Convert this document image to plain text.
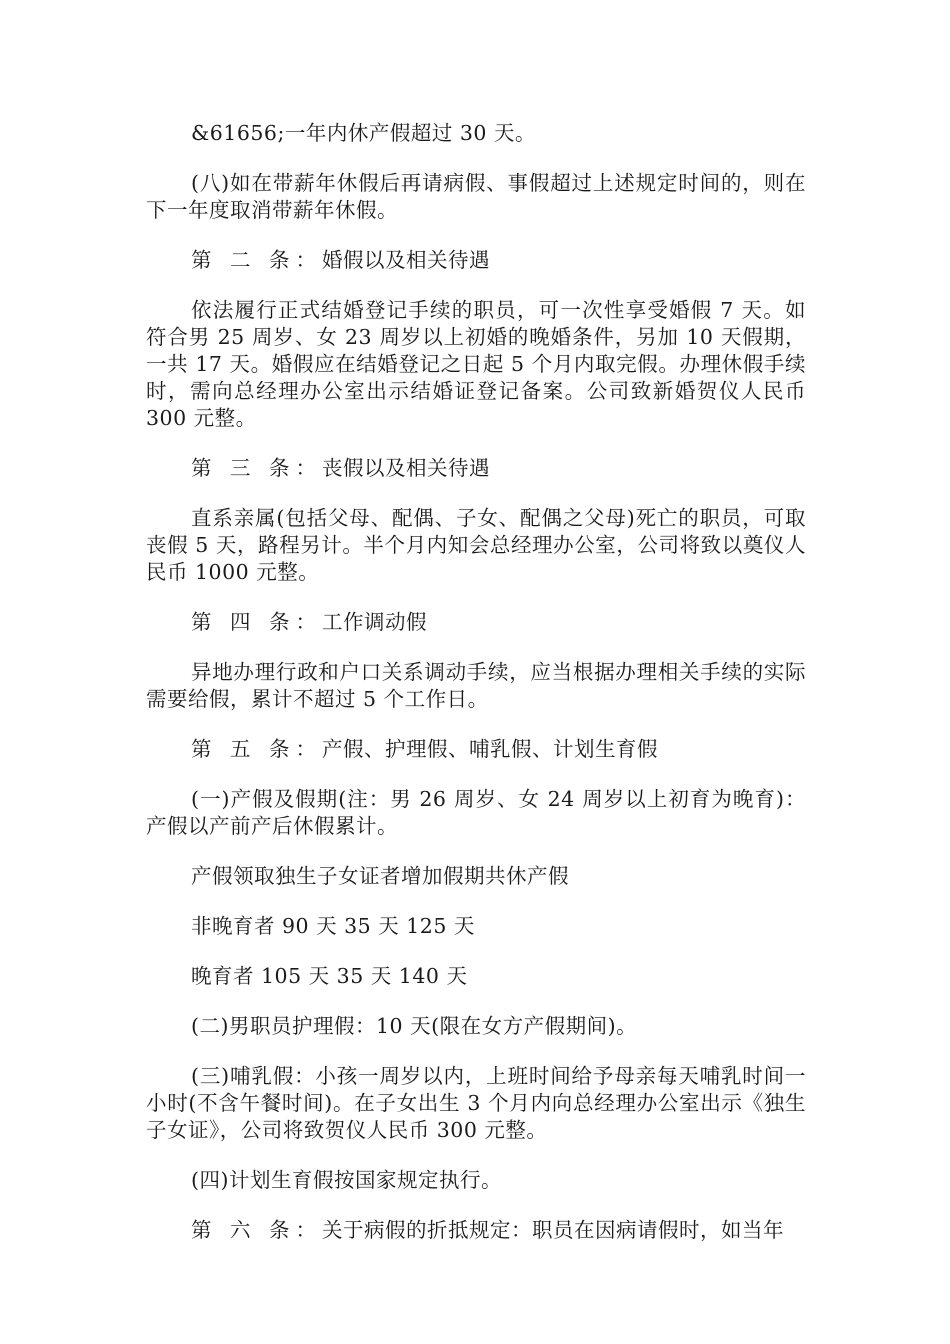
&61656;一年内休产假超过 30 天。

(八)如在带薪年休假后再请病假、事假超过上述规定时间的，则在下一年度取消带薪年休假。

第 二 条：婚假以及相关待遇

依法履行正式结婚登记手续的职员，可一次性享受婚假 7 天。如符合男 25 周岁、女 23 周岁以上初婚的晚婚条件，另加 10 天假期，一共 17 天。婚假应在结婚登记之日起 5 个月内取完假。办理休假手续时，需向总经理办公室出示结婚证登记备案。公司致新婚贺仪人民币 300 元整。

第 三 条：丧假以及相关待遇

直系亲属(包括父母、配偶、子女、配偶之父母)死亡的职员，可取 丧假 5 天，路程另计。半个月内知会总经理办公室，公司将致以奠仪人民币 1000 元整。

第 四 条：工作调动假

异地办理行政和户口关系调动手续，应当根据办理相关手续的实际需要给假，累计不超过 5 个工作日。

第 五 条：产假、护理假、哺乳假、计划生育假

(一)产假及假期(注：男 26 周岁、女 24 周岁以上初育为晚育)：产假以产前产后休假累计。

产假领取独生子女证者增加假期共休产假

非晚育者 90 天 35 天 125 天

晚育者 105 天 35 天 140 天

(二)男职员护理假：10 天(限在女方产假期间)。

(三)哺乳假：小孩一周岁以内，上班时间给予母亲每天哺乳时间一小时(不含午餐时间)。在子女出生 3 个月内向总经理办公室出示《独生子女证》，公司将致贺仪人民币 300 元整。

(四)计划生育假按国家规定执行。

第 六 条：关于病假的折抵规定：职员在因病请假时，如当年
